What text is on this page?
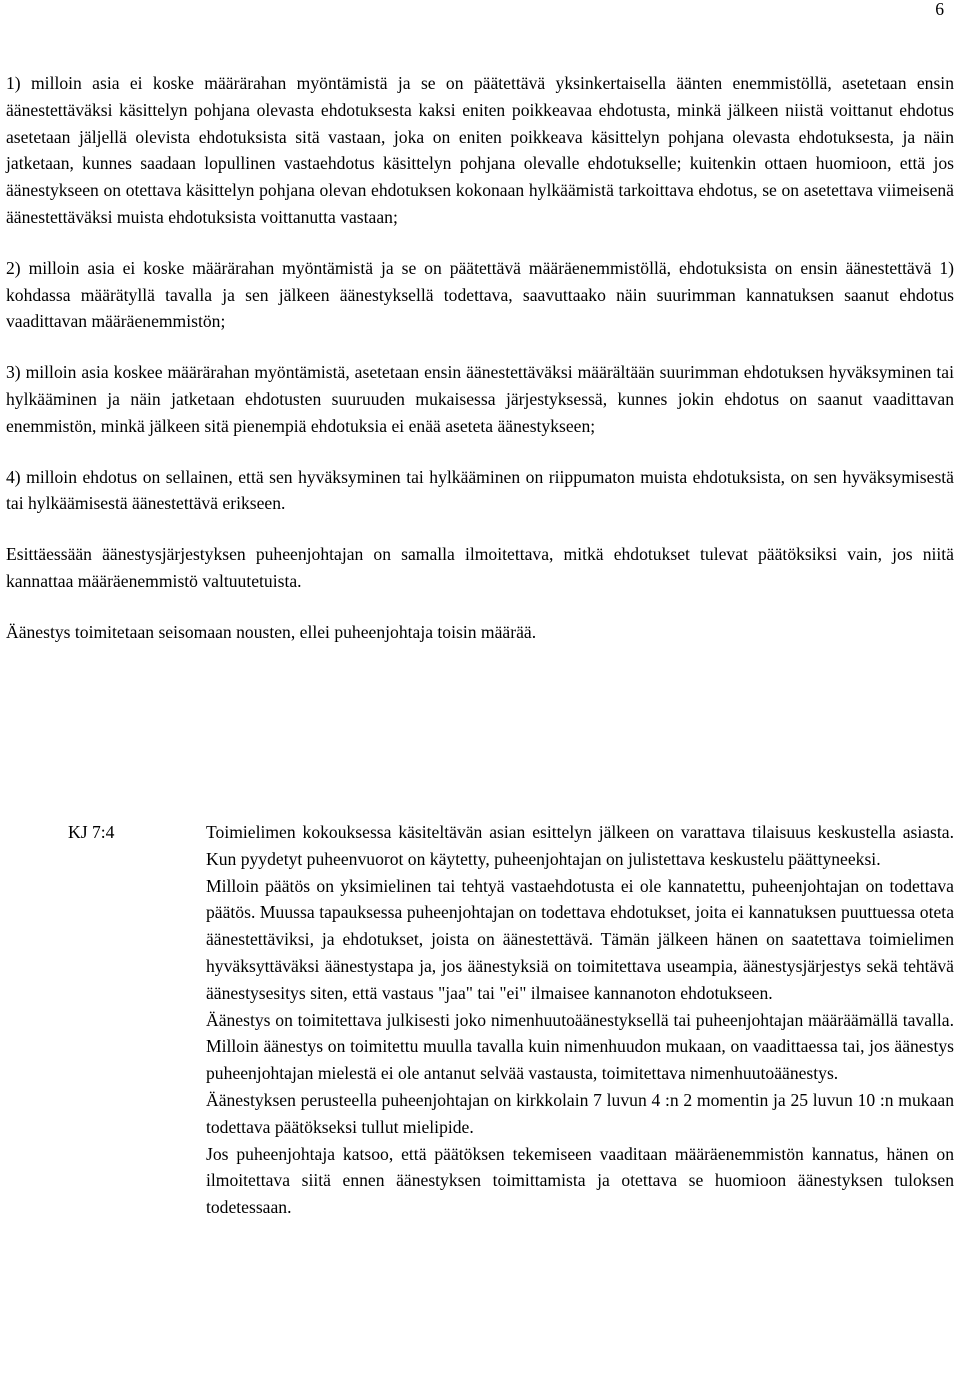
6

1) milloin asia ei koske määrärahan myöntämistä ja se on päätettävä yksinkertaisella äänten enemmistöllä, asetetaan ensin äänestettäväksi käsittelyn pohjana olevasta ehdotuksesta kaksi eniten poikkeavaa ehdotusta, minkä jälkeen niistä voittanut ehdotus asetetaan jäljellä olevista ehdotuksista sitä vastaan, joka on eniten poikkeava käsittelyn pohjana olevasta ehdotuksesta, ja näin jatketaan, kunnes saadaan lopullinen vastaehdotus käsittelyn pohjana olevalle ehdotukselle; kuitenkin ottaen huomioon, että jos äänestykseen on otettava käsittelyn pohjana olevan ehdotuksen kokonaan hylkäämistä tarkoittava ehdotus, se on asetettava viimeisenä äänestettäväksi muista ehdotuksista voittanutta vastaan;

2) milloin asia ei koske määrärahan myöntämistä ja se on päätettävä määräenemmistöllä, ehdotuksista on ensin äänestettävä 1) kohdassa määrätyllä tavalla ja sen jälkeen äänestyksellä todettava, saavuttaako näin suurimman kannatuksen saanut ehdotus vaadittavan määräenemmistön;

3) milloin asia koskee määrärahan myöntämistä, asetetaan ensin äänestettäväksi määrältään suurimman ehdotuksen hyväksyminen tai hylkääminen ja näin jatketaan ehdotusten suuruuden mukaisessa järjestyksessä, kunnes jokin ehdotus on saanut vaadittavan enemmistön, minkä jälkeen sitä pienempiä ehdotuksia ei enää aseteta äänestykseen;

4) milloin ehdotus on sellainen, että sen hyväksyminen tai hylkääminen on riippumaton muista ehdotuksista, on sen hyväksymisestä tai hylkäämisestä äänestettävä erikseen.

Esittäessään äänestysjärjestyksen puheenjohtajan on samalla ilmoitettava, mitkä ehdotukset tulevat päätöksiksi vain, jos niitä kannattaa määräenemmistö valtuutetuista.

Äänestys toimitetaan seisomaan nousten, ellei puheenjohtaja toisin määrää.

KJ 7:4	Toimielimen kokouksessa käsiteltävän asian esittelyn jälkeen on varattava tilaisuus keskustella asiasta. Kun pyydetyt puheenvuorot on käytetty, puheenjohtajan on julistettava keskustelu päättyneeksi.

Milloin päätös on yksimielinen tai tehtyä vastaehdotusta ei ole kannatettu, puheenjohtajan on todettava päätös. Muussa tapauksessa puheenjohtajan on todettava ehdotukset, joita ei kannatuksen puuttuessa oteta äänestettäviksi, ja ehdotukset, joista on äänestettävä. Tämän jälkeen hänen on saatettava toimielimen hyväksyttäväksi äänestystapa ja, jos äänestyksiä on toimitettava useampia, äänestysjärjestys sekä tehtävä äänestysesitys siten, että vastaus "jaa" tai "ei" ilmaisee kannanoton ehdotukseen.

Äänestys on toimitettava julkisesti joko nimenhuutoäänestyksellä tai puheenjohtajan määräämällä tavalla. Milloin äänestys on toimitettu muulla tavalla kuin nimenhuudon mukaan, on vaadittaessa tai, jos äänestys puheenjohtajan mielestä ei ole antanut selvää vastausta, toimitettava nimenhuutoäänestys.

Äänestyksen perusteella puheenjohtajan on kirkkolain 7 luvun 4 :n 2 momentin ja 25 luvun 10 :n mukaan todettava päätökseksi tullut mielipide.

Jos puheenjohtaja katsoo, että päätöksen tekemiseen vaaditaan määräenemmistön kannatus, hänen on ilmoitettava siitä ennen äänestyksen toimittamista ja otettava se huomioon äänestyksen tuloksen todetessaan.
